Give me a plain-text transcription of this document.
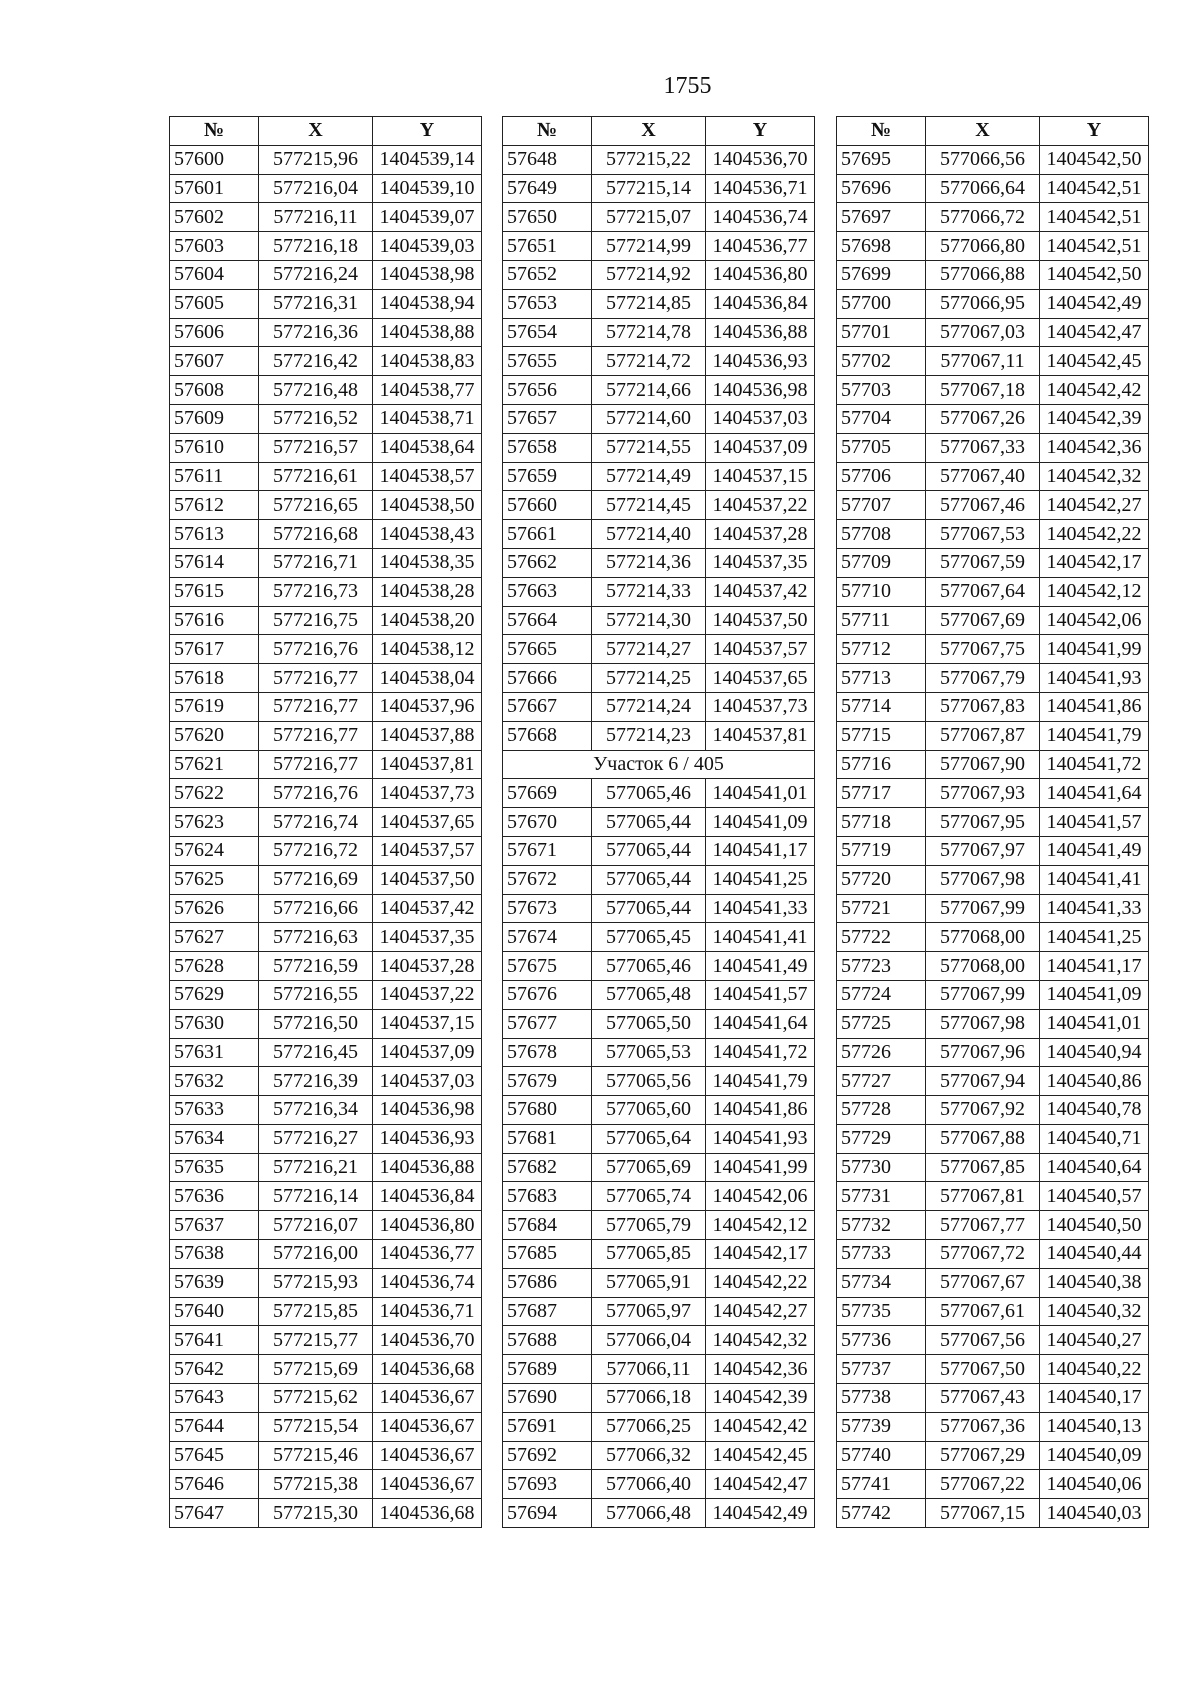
1755
№	X	Y
57600	577215,96	1404539,14
57601	577216,04	1404539,10
57602	577216,11	1404539,07
57603	577216,18	1404539,03
57604	577216,24	1404538,98
57605	577216,31	1404538,94
57606	577216,36	1404538,88
57607	577216,42	1404538,83
57608	577216,48	1404538,77
57609	577216,52	1404538,71
57610	577216,57	1404538,64
57611	577216,61	1404538,57
57612	577216,65	1404538,50
57613	577216,68	1404538,43
57614	577216,71	1404538,35
57615	577216,73	1404538,28
57616	577216,75	1404538,20
57617	577216,76	1404538,12
57618	577216,77	1404538,04
57619	577216,77	1404537,96
57620	577216,77	1404537,88
57621	577216,77	1404537,81
57622	577216,76	1404537,73
57623	577216,74	1404537,65
57624	577216,72	1404537,57
57625	577216,69	1404537,50
57626	577216,66	1404537,42
57627	577216,63	1404537,35
57628	577216,59	1404537,28
57629	577216,55	1404537,22
57630	577216,50	1404537,15
57631	577216,45	1404537,09
57632	577216,39	1404537,03
57633	577216,34	1404536,98
57634	577216,27	1404536,93
57635	577216,21	1404536,88
57636	577216,14	1404536,84
57637	577216,07	1404536,80
57638	577216,00	1404536,77
57639	577215,93	1404536,74
57640	577215,85	1404536,71
57641	577215,77	1404536,70
57642	577215,69	1404536,68
57643	577215,62	1404536,67
57644	577215,54	1404536,67
57645	577215,46	1404536,67
57646	577215,38	1404536,67
57647	577215,30	1404536,68
№	X	Y
57648	577215,22	1404536,70
57649	577215,14	1404536,71
57650	577215,07	1404536,74
57651	577214,99	1404536,77
57652	577214,92	1404536,80
57653	577214,85	1404536,84
57654	577214,78	1404536,88
57655	577214,72	1404536,93
57656	577214,66	1404536,98
57657	577214,60	1404537,03
57658	577214,55	1404537,09
57659	577214,49	1404537,15
57660	577214,45	1404537,22
57661	577214,40	1404537,28
57662	577214,36	1404537,35
57663	577214,33	1404537,42
57664	577214,30	1404537,50
57665	577214,27	1404537,57
57666	577214,25	1404537,65
57667	577214,24	1404537,73
57668	577214,23	1404537,81
Участок 6 / 405		
57669	577065,46	1404541,01
57670	577065,44	1404541,09
57671	577065,44	1404541,17
57672	577065,44	1404541,25
57673	577065,44	1404541,33
57674	577065,45	1404541,41
57675	577065,46	1404541,49
57676	577065,48	1404541,57
57677	577065,50	1404541,64
57678	577065,53	1404541,72
57679	577065,56	1404541,79
57680	577065,60	1404541,86
57681	577065,64	1404541,93
57682	577065,69	1404541,99
57683	577065,74	1404542,06
57684	577065,79	1404542,12
57685	577065,85	1404542,17
57686	577065,91	1404542,22
57687	577065,97	1404542,27
57688	577066,04	1404542,32
57689	577066,11	1404542,36
57690	577066,18	1404542,39
57691	577066,25	1404542,42
57692	577066,32	1404542,45
57693	577066,40	1404542,47
57694	577066,48	1404542,49
№	X	Y
57695	577066,56	1404542,50
57696	577066,64	1404542,51
57697	577066,72	1404542,51
57698	577066,80	1404542,51
57699	577066,88	1404542,50
57700	577066,95	1404542,49
57701	577067,03	1404542,47
57702	577067,11	1404542,45
57703	577067,18	1404542,42
57704	577067,26	1404542,39
57705	577067,33	1404542,36
57706	577067,40	1404542,32
57707	577067,46	1404542,27
57708	577067,53	1404542,22
57709	577067,59	1404542,17
57710	577067,64	1404542,12
57711	577067,69	1404542,06
57712	577067,75	1404541,99
57713	577067,79	1404541,93
57714	577067,83	1404541,86
57715	577067,87	1404541,79
57716	577067,90	1404541,72
57717	577067,93	1404541,64
57718	577067,95	1404541,57
57719	577067,97	1404541,49
57720	577067,98	1404541,41
57721	577067,99	1404541,33
57722	577068,00	1404541,25
57723	577068,00	1404541,17
57724	577067,99	1404541,09
57725	577067,98	1404541,01
57726	577067,96	1404540,94
57727	577067,94	1404540,86
57728	577067,92	1404540,78
57729	577067,88	1404540,71
57730	577067,85	1404540,64
57731	577067,81	1404540,57
57732	577067,77	1404540,50
57733	577067,72	1404540,44
57734	577067,67	1404540,38
57735	577067,61	1404540,32
57736	577067,56	1404540,27
57737	577067,50	1404540,22
57738	577067,43	1404540,17
57739	577067,36	1404540,13
57740	577067,29	1404540,09
57741	577067,22	1404540,06
57742	577067,15	1404540,03
